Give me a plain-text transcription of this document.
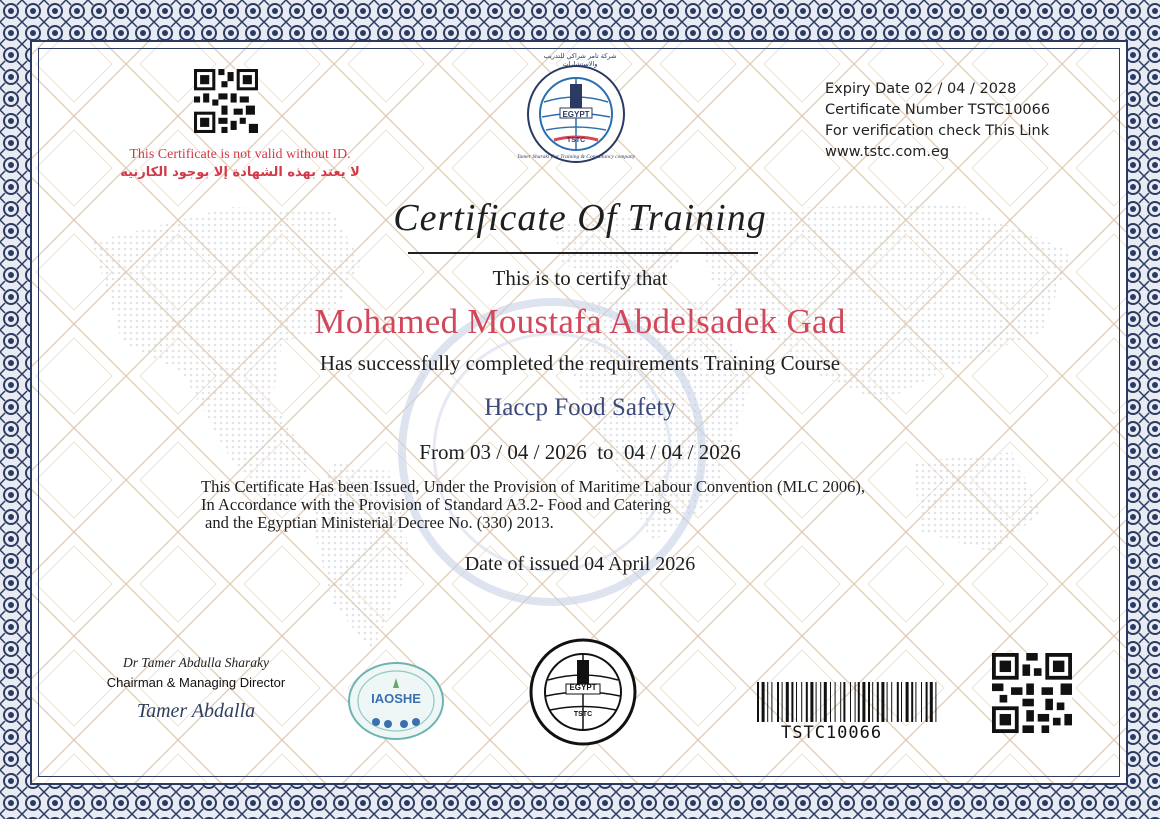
This Certificate is not valid without ID.
لا يعتد بهذه الشهادة إلا بوجود الكارنيه
EGYPT
TSTC
شركة تامر شراكي للتدريب والاستشارات
Tamer Sharaki For Training & Consultancy company
Expiry Date 02 / 04 / 2028
Certificate Number TSTC10066
For verification check This Link
www.tstc.com.eg
Certificate Of Training
This is to certify that
Mohamed Moustafa Abdelsadek Gad
Has successfully completed the requirements Training Course
Haccp Food Safety
From 03 / 04 / 2026  to  04 / 04 / 2026
This Certificate Has been Issued, Under the Provision of Maritime Labour Convention (MLC 2006),
In Accordance with the Provision of Standard A3.2- Food and Catering
and the Egyptian Ministerial Decree No. (330) 2013.
Date of issued 04 April 2026
Dr Tamer Abdulla Sharaky
Chairman & Managing Director
Tamer Abdalla
IAOSHE
EGYPT
TSTC
TSTC10066
